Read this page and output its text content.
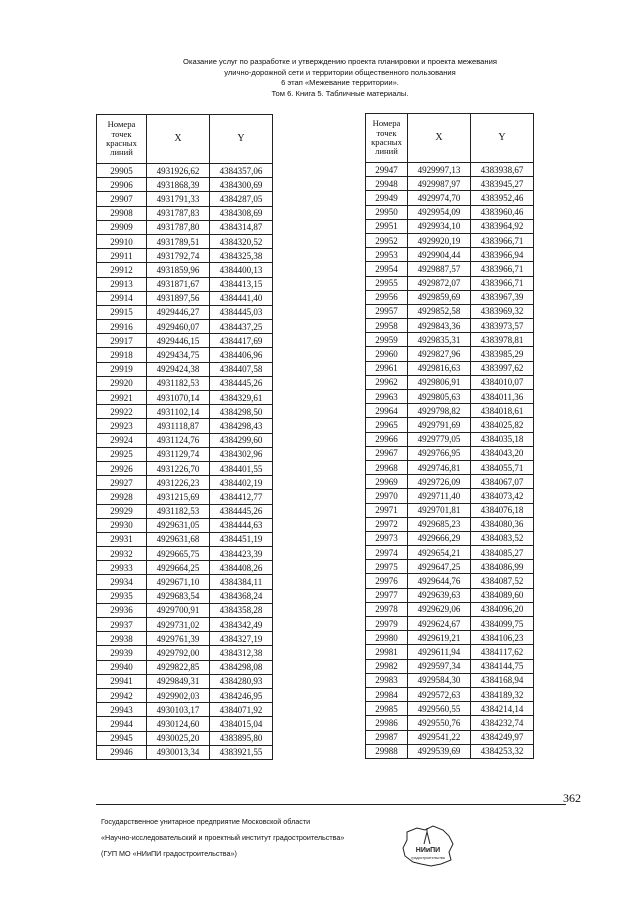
Оказание услуг по разработке и утверждению проекта планировки и проекта межевания
улично-дорожной сети и территории общественного пользования
6 этап «Межевание территории».
Том 6. Книга 5. Табличные материалы.
Номера точек красных линий	X	Y
29905	4931926,62	4384357,06
29906	4931868,39	4384300,69
29907	4931791,33	4384287,05
29908	4931787,83	4384308,69
29909	4931787,80	4384314,87
29910	4931789,51	4384320,52
29911	4931792,74	4384325,38
29912	4931859,96	4384400,13
29913	4931871,67	4384413,15
29914	4931897,56	4384441,40
29915	4929446,27	4384445,03
29916	4929460,07	4384437,25
29917	4929446,15	4384417,69
29918	4929434,75	4384406,96
29919	4929424,38	4384407,58
29920	4931182,53	4384445,26
29921	4931070,14	4384329,61
29922	4931102,14	4384298,50
29923	4931118,87	4384298,43
29924	4931124,76	4384299,60
29925	4931129,74	4384302,96
29926	4931226,70	4384401,55
29927	4931226,23	4384402,19
29928	4931215,69	4384412,77
29929	4931182,53	4384445,26
29930	4929631,05	4384444,63
29931	4929631,68	4384451,19
29932	4929665,75	4384423,39
29933	4929664,25	4384408,26
29934	4929671,10	4384384,11
29935	4929683,54	4384368,24
29936	4929700,91	4384358,28
29937	4929731,02	4384342,49
29938	4929761,39	4384327,19
29939	4929792,00	4384312,38
29940	4929822,85	4384298,08
29941	4929849,31	4384280,93
29942	4929902,03	4384246,95
29943	4930103,17	4384071,92
29944	4930124,60	4384015,04
29945	4930025,20	4383895,80
29946	4930013,34	4383921,55
Номера точек красных линий	X	Y
29947	4929997,13	4383938,67
29948	4929987,97	4383945,27
29949	4929974,70	4383952,46
29950	4929954,09	4383960,46
29951	4929934,10	4383964,92
29952	4929920,19	4383966,71
29953	4929904,44	4383966,94
29954	4929887,57	4383966,71
29955	4929872,07	4383966,71
29956	4929859,69	4383967,39
29957	4929852,58	4383969,32
29958	4929843,36	4383973,57
29959	4929835,31	4383978,81
29960	4929827,96	4383985,29
29961	4929816,63	4383997,62
29962	4929806,91	4384010,07
29963	4929805,63	4384011,36
29964	4929798,82	4384018,61
29965	4929791,69	4384025,82
29966	4929779,05	4384035,18
29967	4929766,95	4384043,20
29968	4929746,81	4384055,71
29969	4929726,09	4384067,07
29970	4929711,40	4384073,42
29971	4929701,81	4384076,18
29972	4929685,23	4384080,36
29973	4929666,29	4384083,52
29974	4929654,21	4384085,27
29975	4929647,25	4384086,99
29976	4929644,76	4384087,52
29977	4929639,63	4384089,60
29978	4929629,06	4384096,20
29979	4929624,67	4384099,75
29980	4929619,21	4384106,23
29981	4929611,94	4384117,62
29982	4929597,34	4384144,75
29983	4929584,30	4384168,94
29984	4929572,63	4384189,32
29985	4929560,55	4384214,14
29986	4929550,76	4384232,74
29987	4929541,22	4384249,97
29988	4929539,69	4384253,32
362
Государственное унитарное предприятие Московской области
«Научно-исследовательский и проектный институт градостроительства»
(ГУП МО «НИиПИ градостроительства»)	НИиПИ
градостроительства
